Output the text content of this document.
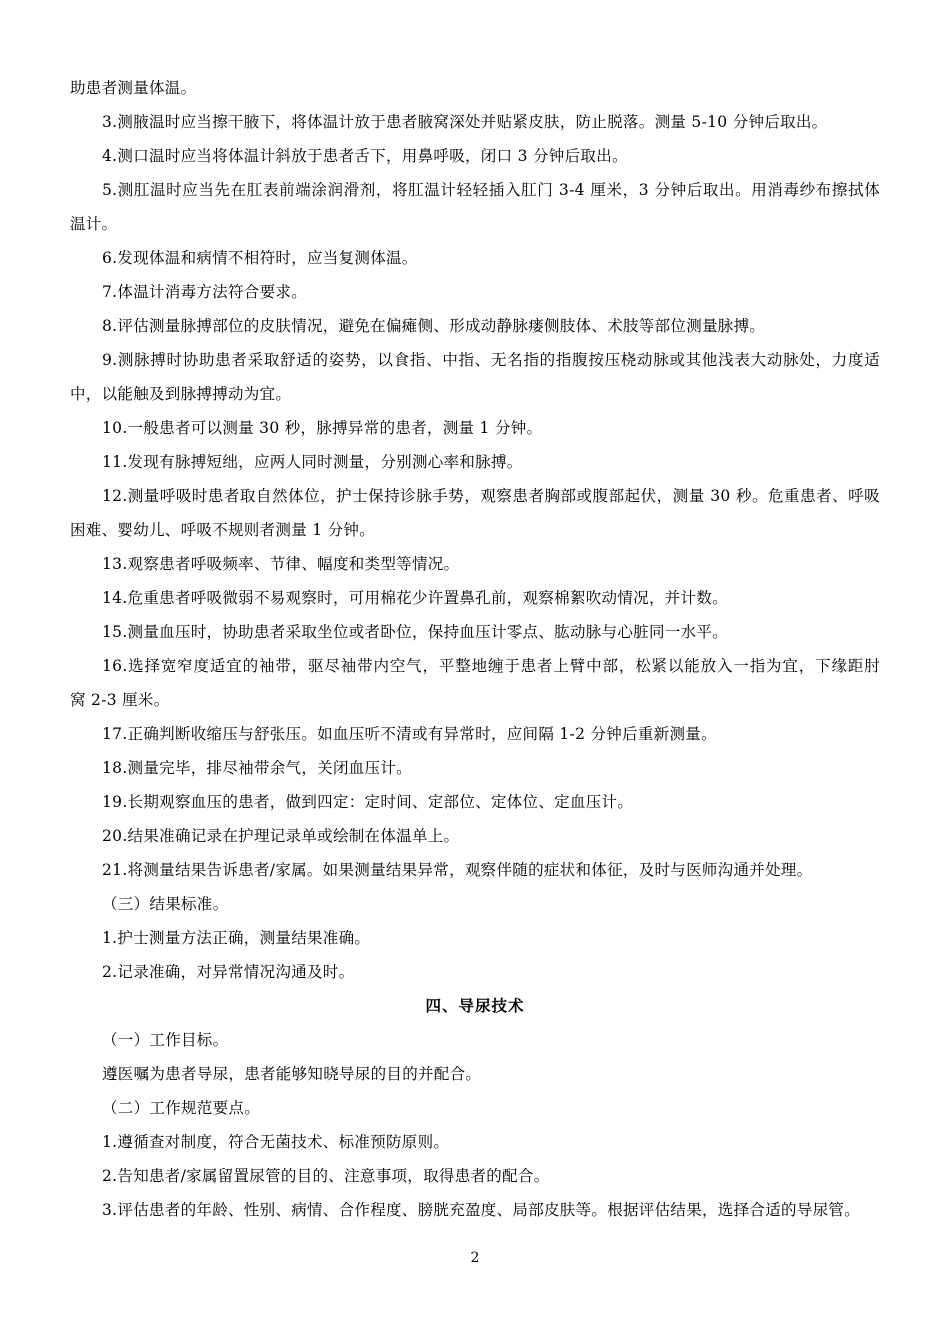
助患者测量体温。
3.测腋温时应当擦干腋下，将体温计放于患者腋窝深处并贴紧皮肤，防止脱落。测量 5-10 分钟后取出。
4.测口温时应当将体温计斜放于患者舌下，用鼻呼吸，闭口 3 分钟后取出。
5.测肛温时应当先在肛表前端涂润滑剂，将肛温计轻轻插入肛门 3-4 厘米，3 分钟后取出。用消毒纱布擦拭体
温计。
6.发现体温和病情不相符时，应当复测体温。
7.体温计消毒方法符合要求。
8.评估测量脉搏部位的皮肤情况，避免在偏瘫侧、形成动静脉瘘侧肢体、术肢等部位测量脉搏。
9.测脉搏时协助患者采取舒适的姿势，以食指、中指、无名指的指腹按压桡动脉或其他浅表大动脉处，力度适
中，以能触及到脉搏搏动为宜。
10.一般患者可以测量 30 秒，脉搏异常的患者，测量 1 分钟。
11.发现有脉搏短绌，应两人同时测量，分别测心率和脉搏。
12.测量呼吸时患者取自然体位，护士保持诊脉手势，观察患者胸部或腹部起伏，测量 30 秒。危重患者、呼吸
困难、婴幼儿、呼吸不规则者测量 1 分钟。
13.观察患者呼吸频率、节律、幅度和类型等情况。
14.危重患者呼吸微弱不易观察时，可用棉花少许置鼻孔前，观察棉絮吹动情况，并计数。
15.测量血压时，协助患者采取坐位或者卧位，保持血压计零点、肱动脉与心脏同一水平。
16.选择宽窄度适宜的袖带，驱尽袖带内空气，平整地缠于患者上臂中部，松紧以能放入一指为宜，下缘距肘
窝 2-3 厘米。
17.正确判断收缩压与舒张压。如血压听不清或有异常时，应间隔 1-2 分钟后重新测量。
18.测量完毕，排尽袖带余气，关闭血压计。
19.长期观察血压的患者，做到四定：定时间、定部位、定体位、定血压计。
20.结果准确记录在护理记录单或绘制在体温单上。
21.将测量结果告诉患者/家属。如果测量结果异常，观察伴随的症状和体征，及时与医师沟通并处理。
（三）结果标准。
1.护士测量方法正确，测量结果准确。
2.记录准确，对异常情况沟通及时。
四、导尿技术
（一）工作目标。
遵医嘱为患者导尿，患者能够知晓导尿的目的并配合。
（二）工作规范要点。
1.遵循查对制度，符合无菌技术、标准预防原则。
2.告知患者/家属留置尿管的目的、注意事项，取得患者的配合。
3.评估患者的年龄、性别、病情、合作程度、膀胱充盈度、局部皮肤等。根据评估结果，选择合适的导尿管。
2
